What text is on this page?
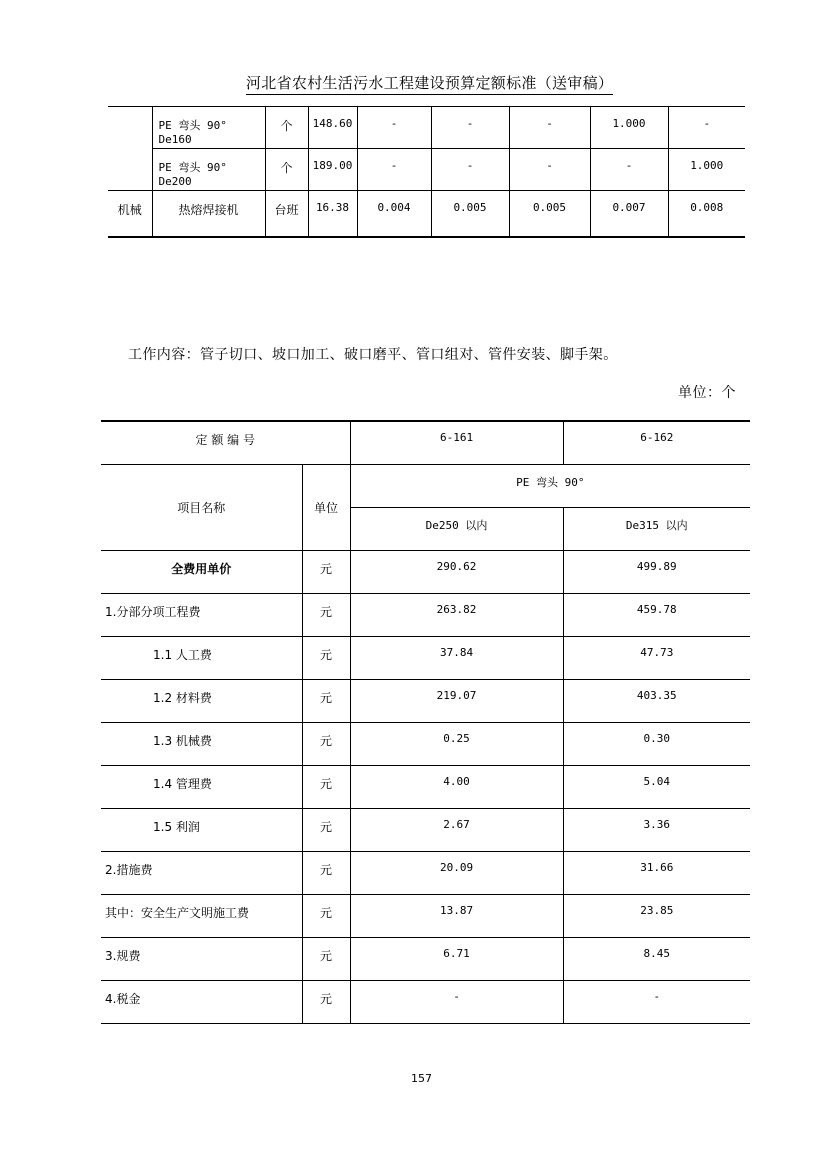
河北省农村生活污水工程建设预算定额标准（送审稿）
	PE 弯头 90° De160	个	148.60	-	-	-	1.000	-
	PE 弯头 90° De200	个	189.00	-	-	-	-	1.000
机械	热熔焊接机	台班	16.38	0.004	0.005	0.005	0.007	0.008
工作内容：管子切口、坡口加工、破口磨平、管口组对、管件安装、脚手架。
单位：个
定 额 编 号		6-161	6-162
项目名称	单位	PE 弯头 90°	
		De250 以内	De315 以内
全费用单价	元	290.62	499.89
1.分部分项工程费	元	263.82	459.78
1.1 人工费	元	37.84	47.73
1.2 材料费	元	219.07	403.35
1.3 机械费	元	0.25	0.30
1.4 管理费	元	4.00	5.04
1.5 利润	元	2.67	3.36
2.措施费	元	20.09	31.66
其中：安全生产文明施工费	元	13.87	23.85
3.规费	元	6.71	8.45
4.税金	元	-	-
157
